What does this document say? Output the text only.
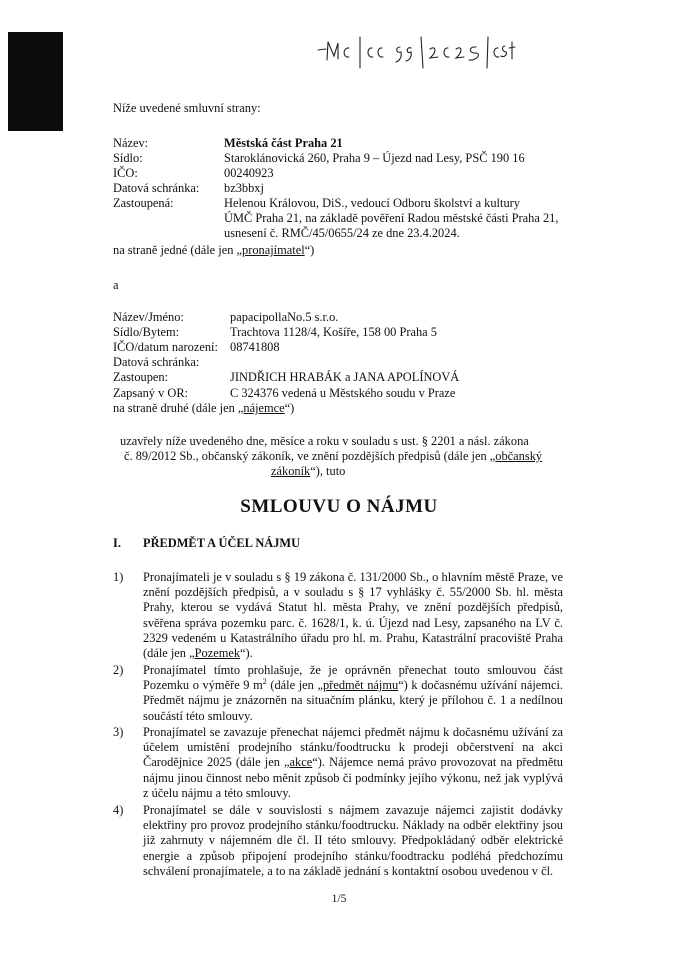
Níže uvedené smluvní strany:
Název:	Městská část Praha 21
Sídlo:	Staroklánovická 260, Praha 9 – Újezd nad Lesy, PSČ 190 16
IČO:	00240923
Datová schránka: bz3bbxj
Zastoupená:	Helenou Královou, DiS., vedoucí Odboru školství a kultury
ÚMČ Praha 21, na základě pověření Radou městské části Praha 21,
usnesení č. RMČ/45/0655/24 ze dne 23.4.2024.
na straně jedné (dále jen „pronajímatel“)
a
Název/Jméno:	papacipollaNo.5 s.r.o.
Sídlo/Bytem:	Trachtova 1128/4, Košíře, 158 00 Praha 5
IČO/datum narození: 08741808
Datová schránka:
Zastoupen:	JINDŘICH HRABÁK a JANA APOLÍNOVÁ
Zapsaný v OR:	C 324376 vedená u Městského soudu v Praze
na straně druhé (dále jen „nájemce“)
uzavřely níže uvedeného dne, měsíce a roku v souladu s ust. § 2201 a násl. zákona
č. 89/2012 Sb., občanský zákoník, ve znění pozdějších předpisů (dále jen „občanský
zákoník“), tuto
SMLOUVU O NÁJMU
I. PŘEDMĚT A ÚČEL NÁJMU
1) Pronajímateli je v souladu s § 19 zákona č. 131/2000 Sb., o hlavním městě Praze, ve znění pozdějších předpisů, a v souladu s § 17 vyhlášky č. 55/2000 Sb. hl. města Prahy, kterou se vydává Statut hl. města Prahy, ve znění pozdějších předpisů, svěřena správa pozemku parc. č. 1628/1, k. ú. Újezd nad Lesy, zapsaného na LV č. 2329 vedeném u Katastrálního úřadu pro hl. m. Prahu, Katastrální pracoviště Praha (dále jen „Pozemek“).
2) Pronajímatel tímto prohlašuje, že je oprávněn přenechat touto smlouvou část Pozemku o výměře 9 $m^2$ (dále jen „předmět nájmu“) k dočasnému užívání nájemci. Předmět nájmu je znázorněn na situačním plánku, který je přílohou č. 1 a nedílnou součástí této smlouvy.
3) Pronajímatel se zavazuje přenechat nájemci předmět nájmu k dočasnému užívání za účelem umístění prodejního stánku/foodtrucku k prodeji občerstvení na akci Čarodějnice 2025 (dále jen „akce“). Nájemce nemá právo provozovat na předmětu nájmu jinou činnost nebo měnit způsob či podmínky jejího výkonu, než jak vyplývá z účelu nájmu a této smlouvy.
4) Pronajímatel se dále v souvislosti s nájmem zavazuje nájemci zajistit dodávky elektřiny pro provoz prodejního stánku/foodtrucku. Náklady na odběr elektřiny jsou již zahrnuty v nájemném dle čl. II této smlouvy. Předpokládaný odběr elektrické energie a způsob připojení prodejního stánku/foodtracku podléhá předchozímu schválení pronajímatele, a to na základě jednání s kontaktní osobou uvedenou v čl.
1/5
